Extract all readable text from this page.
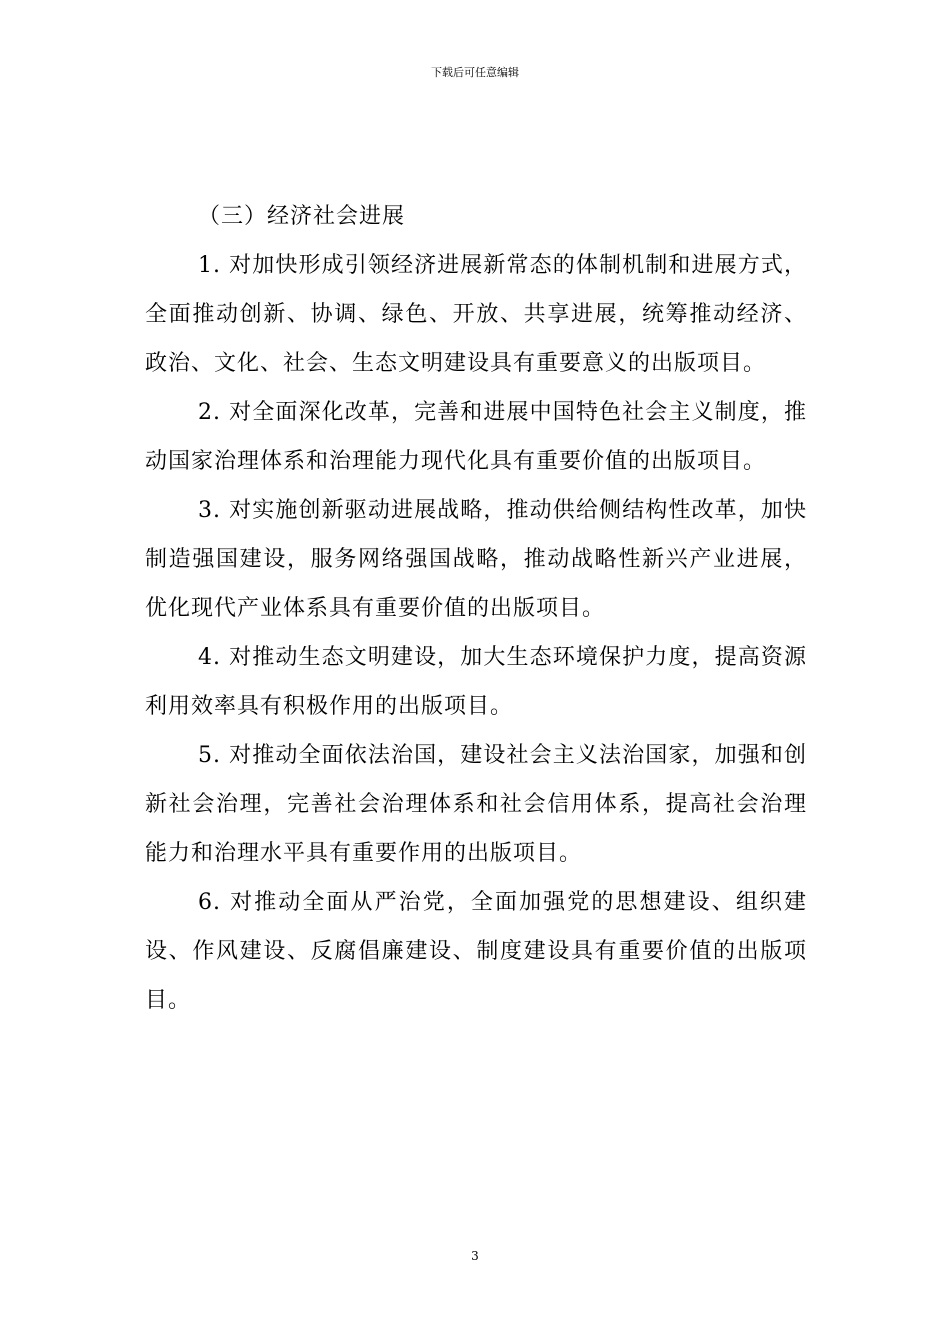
下载后可任意编辑
（三）经济社会进展

1. 对加快形成引领经济进展新常态的体制机制和进展方式，全面推动创新、协调、绿色、开放、共享进展，统筹推动经济、政治、文化、社会、生态文明建设具有重要意义的出版项目。

2. 对全面深化改革，完善和进展中国特色社会主义制度，推动国家治理体系和治理能力现代化具有重要价值的出版项目。

3. 对实施创新驱动进展战略，推动供给侧结构性改革，加快制造强国建设，服务网络强国战略，推动战略性新兴产业进展，优化现代产业体系具有重要价值的出版项目。

4. 对推动生态文明建设，加大生态环境保护力度，提高资源利用效率具有积极作用的出版项目。

5. 对推动全面依法治国，建设社会主义法治国家，加强和创新社会治理，完善社会治理体系和社会信用体系，提高社会治理能力和治理水平具有重要作用的出版项目。

6. 对推动全面从严治党，全面加强党的思想建设、组织建设、作风建设、反腐倡廉建设、制度建设具有重要价值的出版项目。

3
